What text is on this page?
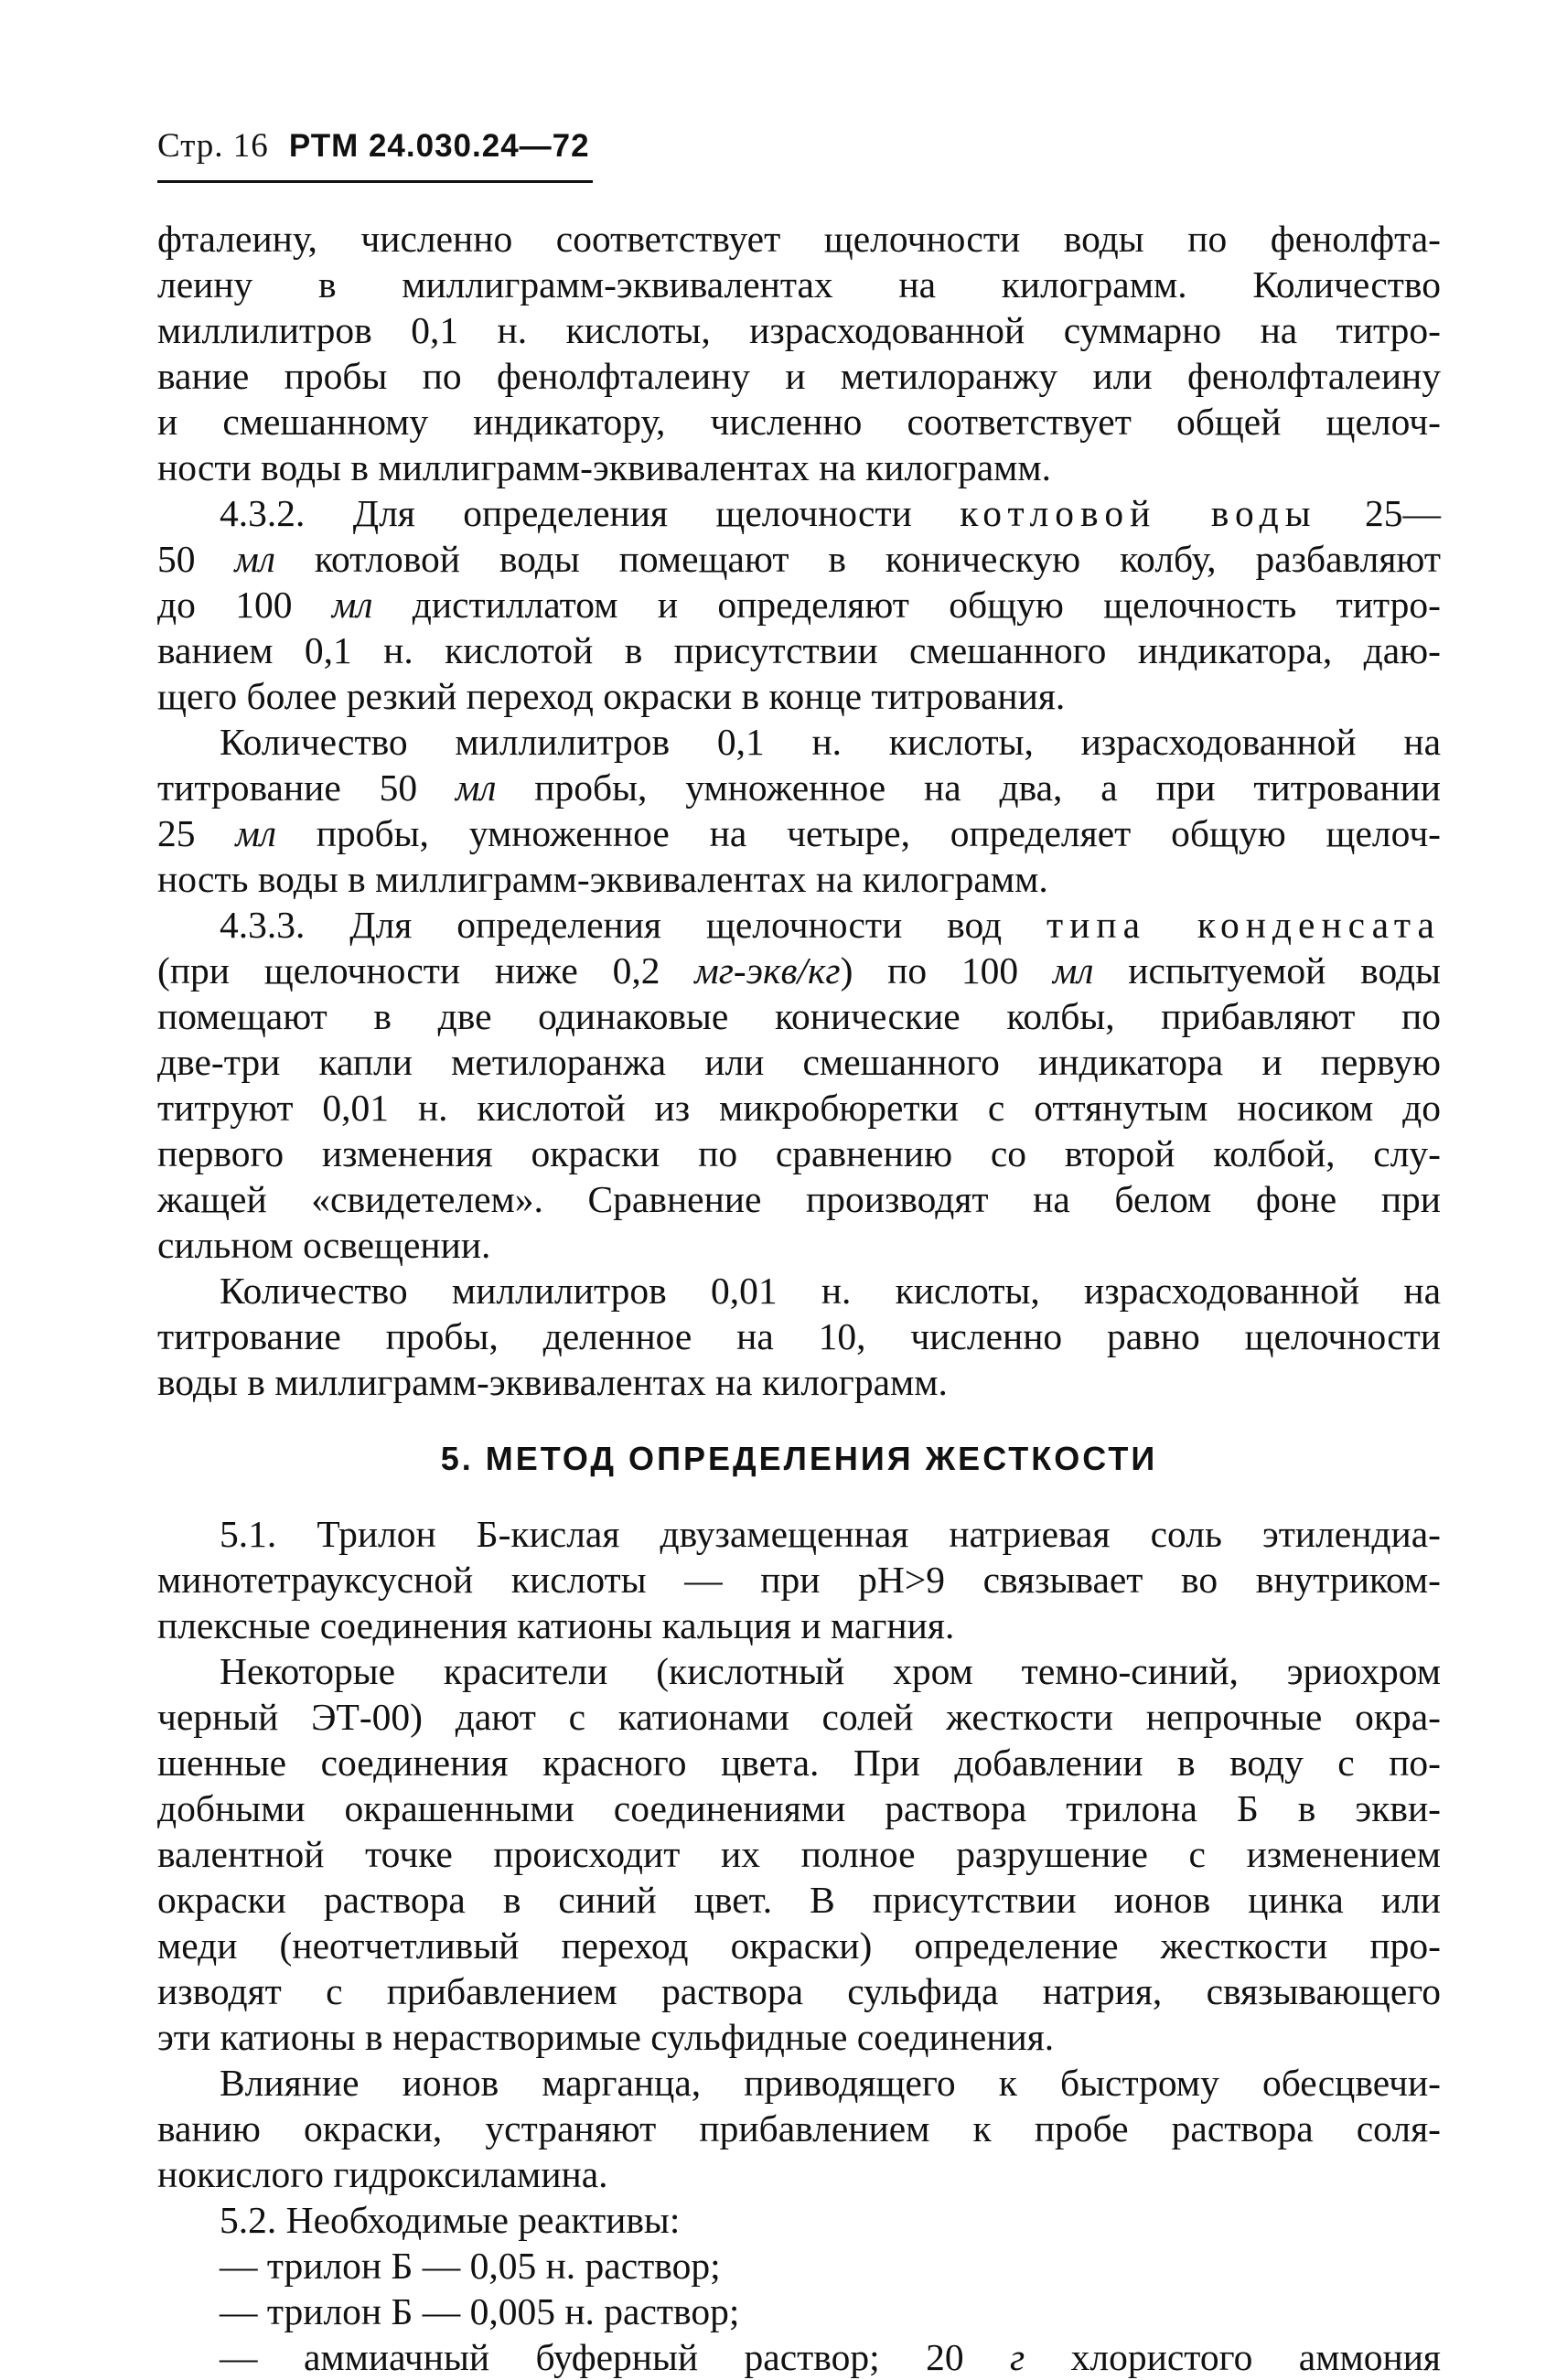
Стр. 16 РТМ 24.030.24—72

фталеину, численно соответствует щелочности воды по фенолфта-

леину в миллиграмм-эквивалентах на килограмм. Количество

миллилитров 0,1 н. кислоты, израсходованной суммарно на титро-

вание пробы по фенолфталеину и метилоранжу или фенолфталеину

и смешанному индикатору, численно соответствует общей щелоч-

ности воды в миллиграмм-эквивалентах на килограмм.

4.3.2. Для определения щелочности котловой воды 25—

50 мл котловой воды помещают в коническую колбу, разбавляют

до 100 мл дистиллатом и определяют общую щелочность титро-

ванием 0,1 н. кислотой в присутствии смешанного индикатора, даю-

щего более резкий переход окраски в конце титрования.

Количество миллилитров 0,1 н. кислоты, израсходованной на

титрование 50 мл пробы, умноженное на два, а при титровании

25 мл пробы, умноженное на четыре, определяет общую щелоч-

ность воды в миллиграмм-эквивалентах на килограмм.

4.3.3. Для определения щелочности вод типа конденсата

(при щелочности ниже 0,2 мг-экв/кг) по 100 мл испытуемой воды

помещают в две одинаковые конические колбы, прибавляют по

две-три капли метилоранжа или смешанного индикатора и первую

титруют 0,01 н. кислотой из микробюретки с оттянутым носиком до

первого изменения окраски по сравнению со второй колбой, слу-

жащей «свидетелем». Сравнение производят на белом фоне при

сильном освещении.

Количество миллилитров 0,01 н. кислоты, израсходованной на

титрование пробы, деленное на 10, численно равно щелочности

воды в миллиграмм-эквивалентах на килограмм.

5. МЕТОД ОПРЕДЕЛЕНИЯ ЖЕСТКОСТИ

5.1. Трилон Б-кислая двузамещенная натриевая соль этилендиа-

минотетрауксусной кислоты — при pH>9 связывает во внутриком-

плексные соединения катионы кальция и магния.

Некоторые красители (кислотный хром темно-синий, эриохром

черный ЭТ-00) дают с катионами солей жесткости непрочные окра-

шенные соединения красного цвета. При добавлении в воду с по-

добными окрашенными соединениями раствора трилона Б в экви-

валентной точке происходит их полное разрушение с изменением

окраски раствора в синий цвет. В присутствии ионов цинка или

меди (неотчетливый переход окраски) определение жесткости про-

изводят с прибавлением раствора сульфида натрия, связывающего

эти катионы в нерастворимые сульфидные соединения.

Влияние ионов марганца, приводящего к быстрому обесцвечи-

ванию окраски, устраняют прибавлением к пробе раствора соля-

нокислого гидроксиламина.

5.2. Необходимые реактивы:

— трилон Б — 0,05 н. раствор;

— трилон Б — 0,005 н. раствор;

— аммиачный буферный раствор; 20 г хлористого аммония
